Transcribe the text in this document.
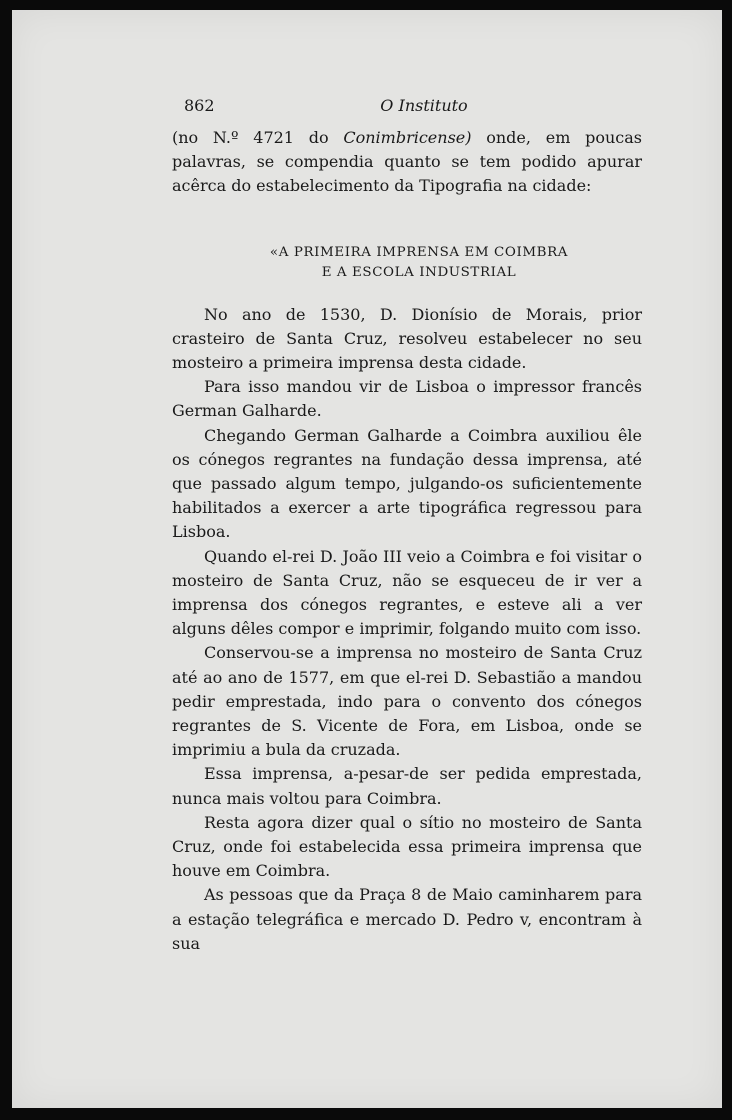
862	O Instituto

(no N.º 4721 do Conimbricense) onde, em poucas palavras, se compendia quanto se tem podido apurar acêrca do estabelecimento da Tipografia na cidade:

«A PRIMEIRA IMPRENSA EM COIMBRA
E A ESCOLA INDUSTRIAL

No ano de 1530, D. Dionísio de Morais, prior crasteiro de Santa Cruz, resolveu estabelecer no seu mosteiro a primeira imprensa desta cidade.

Para isso mandou vir de Lisboa o impressor francês German Galharde.

Chegando German Galharde a Coimbra auxiliou êle os cónegos regrantes na fundação dessa imprensa, até que passado algum tempo, julgando-os suficientemente habilitados a exercer a arte tipográfica regressou para Lisboa.

Quando el-rei D. João III veio a Coimbra e foi visitar o mosteiro de Santa Cruz, não se esqueceu de ir ver a imprensa dos cónegos regrantes, e esteve ali a ver alguns dêles compor e imprimir, folgando muito com isso.

Conservou-se a imprensa no mosteiro de Santa Cruz até ao ano de 1577, em que el-rei D. Sebastião a mandou pedir emprestada, indo para o convento dos cónegos regrantes de S. Vicente de Fora, em Lisboa, onde se imprimiu a bula da cruzada.

Essa imprensa, a-pesar-de ser pedida emprestada, nunca mais voltou para Coimbra.

Resta agora dizer qual o sítio no mosteiro de Santa Cruz, onde foi estabelecida essa primeira imprensa que houve em Coimbra.

As pessoas que da Praça 8 de Maio caminharem para a estação telegráfica e mercado D. Pedro v, encontram à sua
